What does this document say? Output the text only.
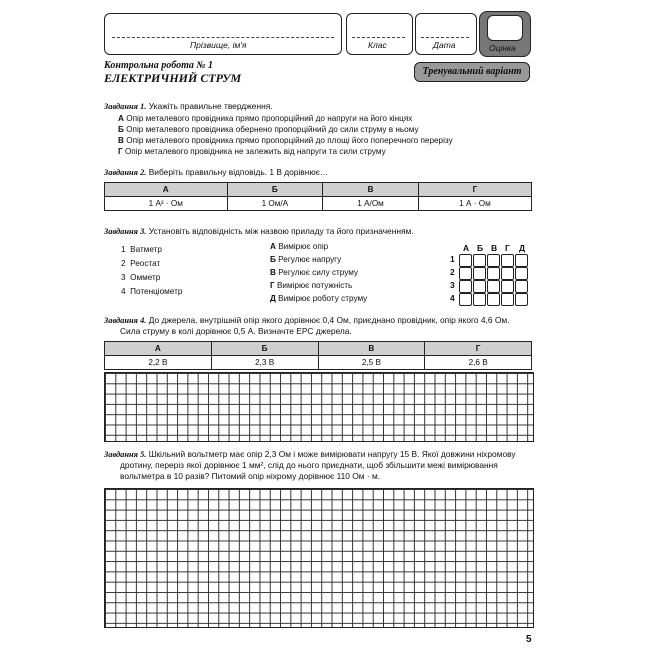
Прізвище, ім'я	Клас	Дата	Оцінка
Контрольна робота № 1
ЕЛЕКТРИЧНИЙ СТРУМ	Тренувальний варіант
Завдання 1. Укажіть правильне твердження.
А Опір металевого провідника прямо пропорційний до напруги на його кінцях
Б Опір металевого провідника обернено пропорційний до сили струму в ньому
В Опір металевого провідника прямо пропорційний до площі його поперечного перерізу
Г Опір металевого провідника не залежить від напруги та сили струму
Завдання 2. Виберіть правильну відповідь. 1 В дорівнює…
А	Б	В	Г
1 А² · Ом	1 Ом/А	1 А/Ом	1 А · Ом
Завдання 3. Установіть відповідність між назвою приладу та його призначенням.
1 Ватметр
2 Реостат
3 Омметр
4 Потенціометр
А Вимірює опір
Б Регулює напругу
В Регулює силу струму
Г Вимірює потужність
Д Вимірює роботу струму
А Б В Г Д
1
2
3
4
Завдання 4. До джерела, внутрішній опір якого дорівнює 0,4 Ом, приєднано провідник, опір якого 4,6 Ом.
Сила струму в колі дорівнює 0,5 А. Визначте ЕРС джерела.
А	Б	В	Г
2,2 В	2,3 В	2,5 В	2,6 В
Завдання 5. Шкільний вольтметр має опір 2,3 Ом і може вимірювати напругу 15 В. Якої довжини ніхромову
дротину, переріз якої дорівнює 1 мм², слід до нього приєднати, щоб збільшити межі вимірювання
вольтметра в 10 разів? Питомий опір ніхрому дорівнює 110 Ом · м.
5
